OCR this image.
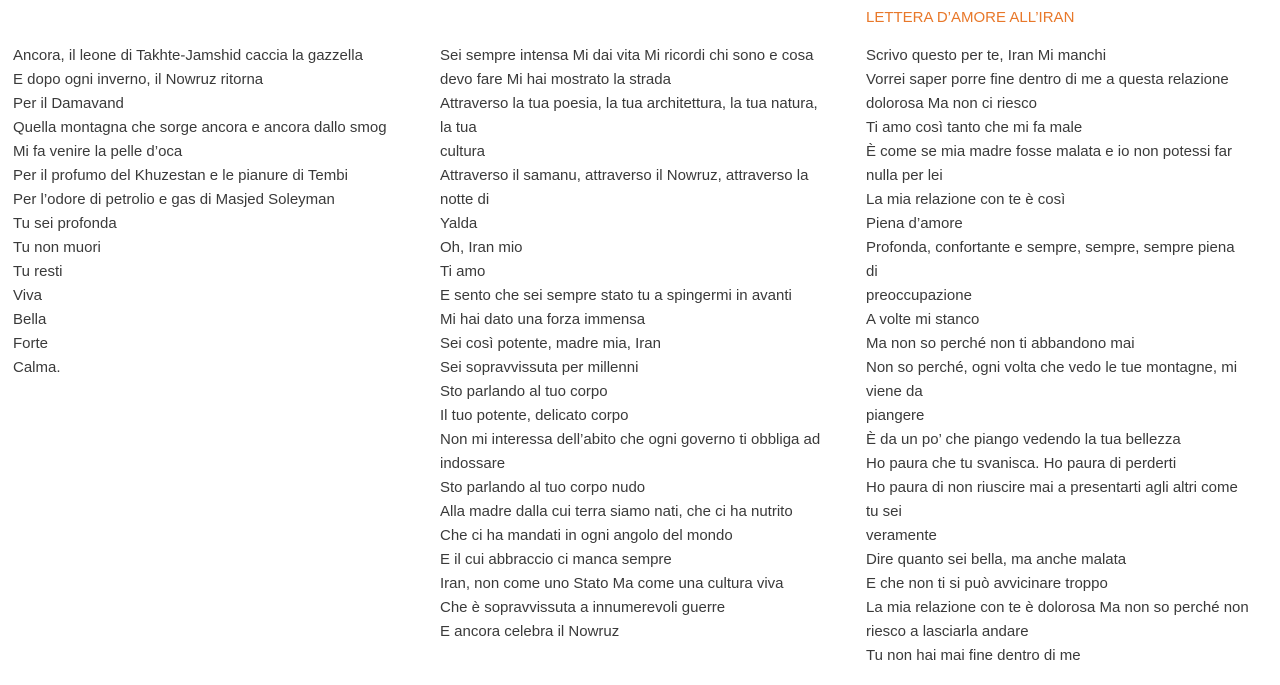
LETTERA D’AMORE ALL’IRAN
Ancora, il leone di Takhte-Jamshid caccia la gazzella
E dopo ogni inverno, il Nowruz ritorna
Per il Damavand
Quella montagna che sorge ancora e ancora dallo smog
Mi fa venire la pelle d’oca
Per il profumo del Khuzestan e le pianure di Tembi
Per l’odore di petrolio e gas di Masjed Soleyman
Tu sei profonda
Tu non muori
Tu resti
Viva
Bella
Forte
Calma.
Sei sempre intensa Mi dai vita Mi ricordi chi sono e cosa
devo fare Mi hai mostrato la strada
Attraverso la tua poesia, la tua architettura, la tua natura,
la tua
cultura
Attraverso il samanu, attraverso il Nowruz, attraverso la
notte di
Yalda
Oh, Iran mio
Ti amo
E sento che sei sempre stato tu a spingermi in avanti
Mi hai dato una forza immensa
Sei così potente, madre mia, Iran
Sei sopravvissuta per millenni
Sto parlando al tuo corpo
Il tuo potente, delicato corpo
Non mi interessa dell’abito che ogni governo ti obbliga ad
indossare
Sto parlando al tuo corpo nudo
Alla madre dalla cui terra siamo nati, che ci ha nutrito
Che ci ha mandati in ogni angolo del mondo
E il cui abbraccio ci manca sempre
Iran, non come uno Stato Ma come una cultura viva
Che è sopravvissuta a innumerevoli guerre
E ancora celebra il Nowruz
Scrivo questo per te, Iran Mi manchi
Vorrei saper porre fine dentro di me a questa relazione
dolorosa Ma non ci riesco
Ti amo così tanto che mi fa male
È come se mia madre fosse malata e io non potessi far
nulla per lei
La mia relazione con te è così
Piena d’amore
Profonda, confortante e sempre, sempre, sempre piena
di
preoccupazione
A volte mi stanco
Ma non so perché non ti abbandono mai
Non so perché, ogni volta che vedo le tue montagne, mi
viene da
piangere
È da un po’ che piango vedendo la tua bellezza
Ho paura che tu svanisca. Ho paura di perderti
Ho paura di non riuscire mai a presentarti agli altri come
tu sei
veramente
Dire quanto sei bella, ma anche malata
E che non ti si può avvicinare troppo
La mia relazione con te è dolorosa Ma non so perché non
riesco a lasciarla andare
Tu non hai mai fine dentro di me
